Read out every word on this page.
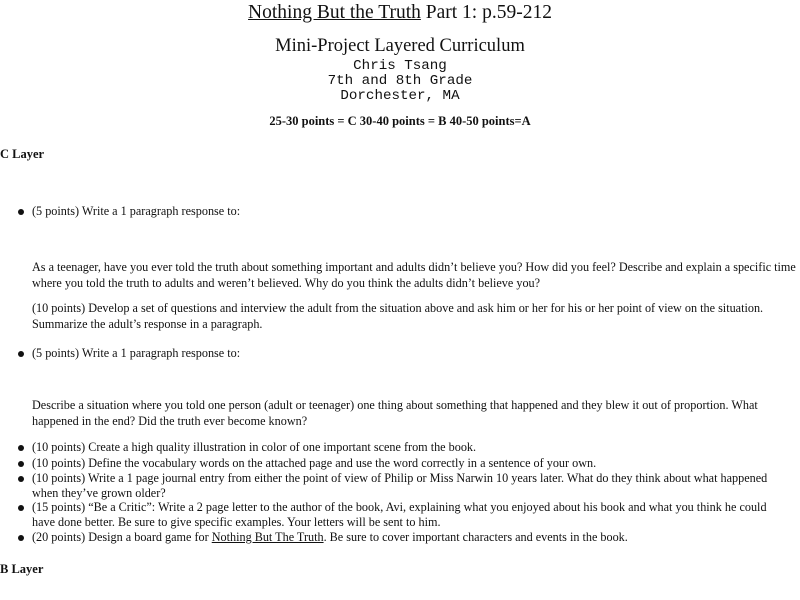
Nothing But the Truth Part 1: p.59-212
Mini-Project Layered Curriculum
Chris Tsang
7th and 8th Grade
Dorchester, MA
25-30 points = C 30-40 points = B 40-50 points=A
C Layer
(5 points) Write a 1 paragraph response to:
As a teenager, have you ever told the truth about something important and adults didn’t believe you? How did you feel? Describe and explain a specific time where you told the truth to adults and weren’t believed. Why do you think the adults didn’t believe you?
(10 points) Develop a set of questions and interview the adult from the situation above and ask him or her for his or her point of view on the situation. Summarize the adult’s response in a paragraph.
(5 points) Write a 1 paragraph response to:
Describe a situation where you told one person (adult or teenager) one thing about something that happened and they blew it out of proportion. What happened in the end? Did the truth ever become known?
(10 points) Create a high quality illustration in color of one important scene from the book.
(10 points) Define the vocabulary words on the attached page and use the word correctly in a sentence of your own.
(10 points) Write a 1 page journal entry from either the point of view of Philip or Miss Narwin 10 years later. What do they think about what happened when they’ve grown older?
(15 points) “Be a Critic”: Write a 2 page letter to the author of the book, Avi, explaining what you enjoyed about his book and what you think he could have done better. Be sure to give specific examples. Your letters will be sent to him.
(20 points) Design a board game for Nothing But The Truth. Be sure to cover important characters and events in the book.
B Layer
